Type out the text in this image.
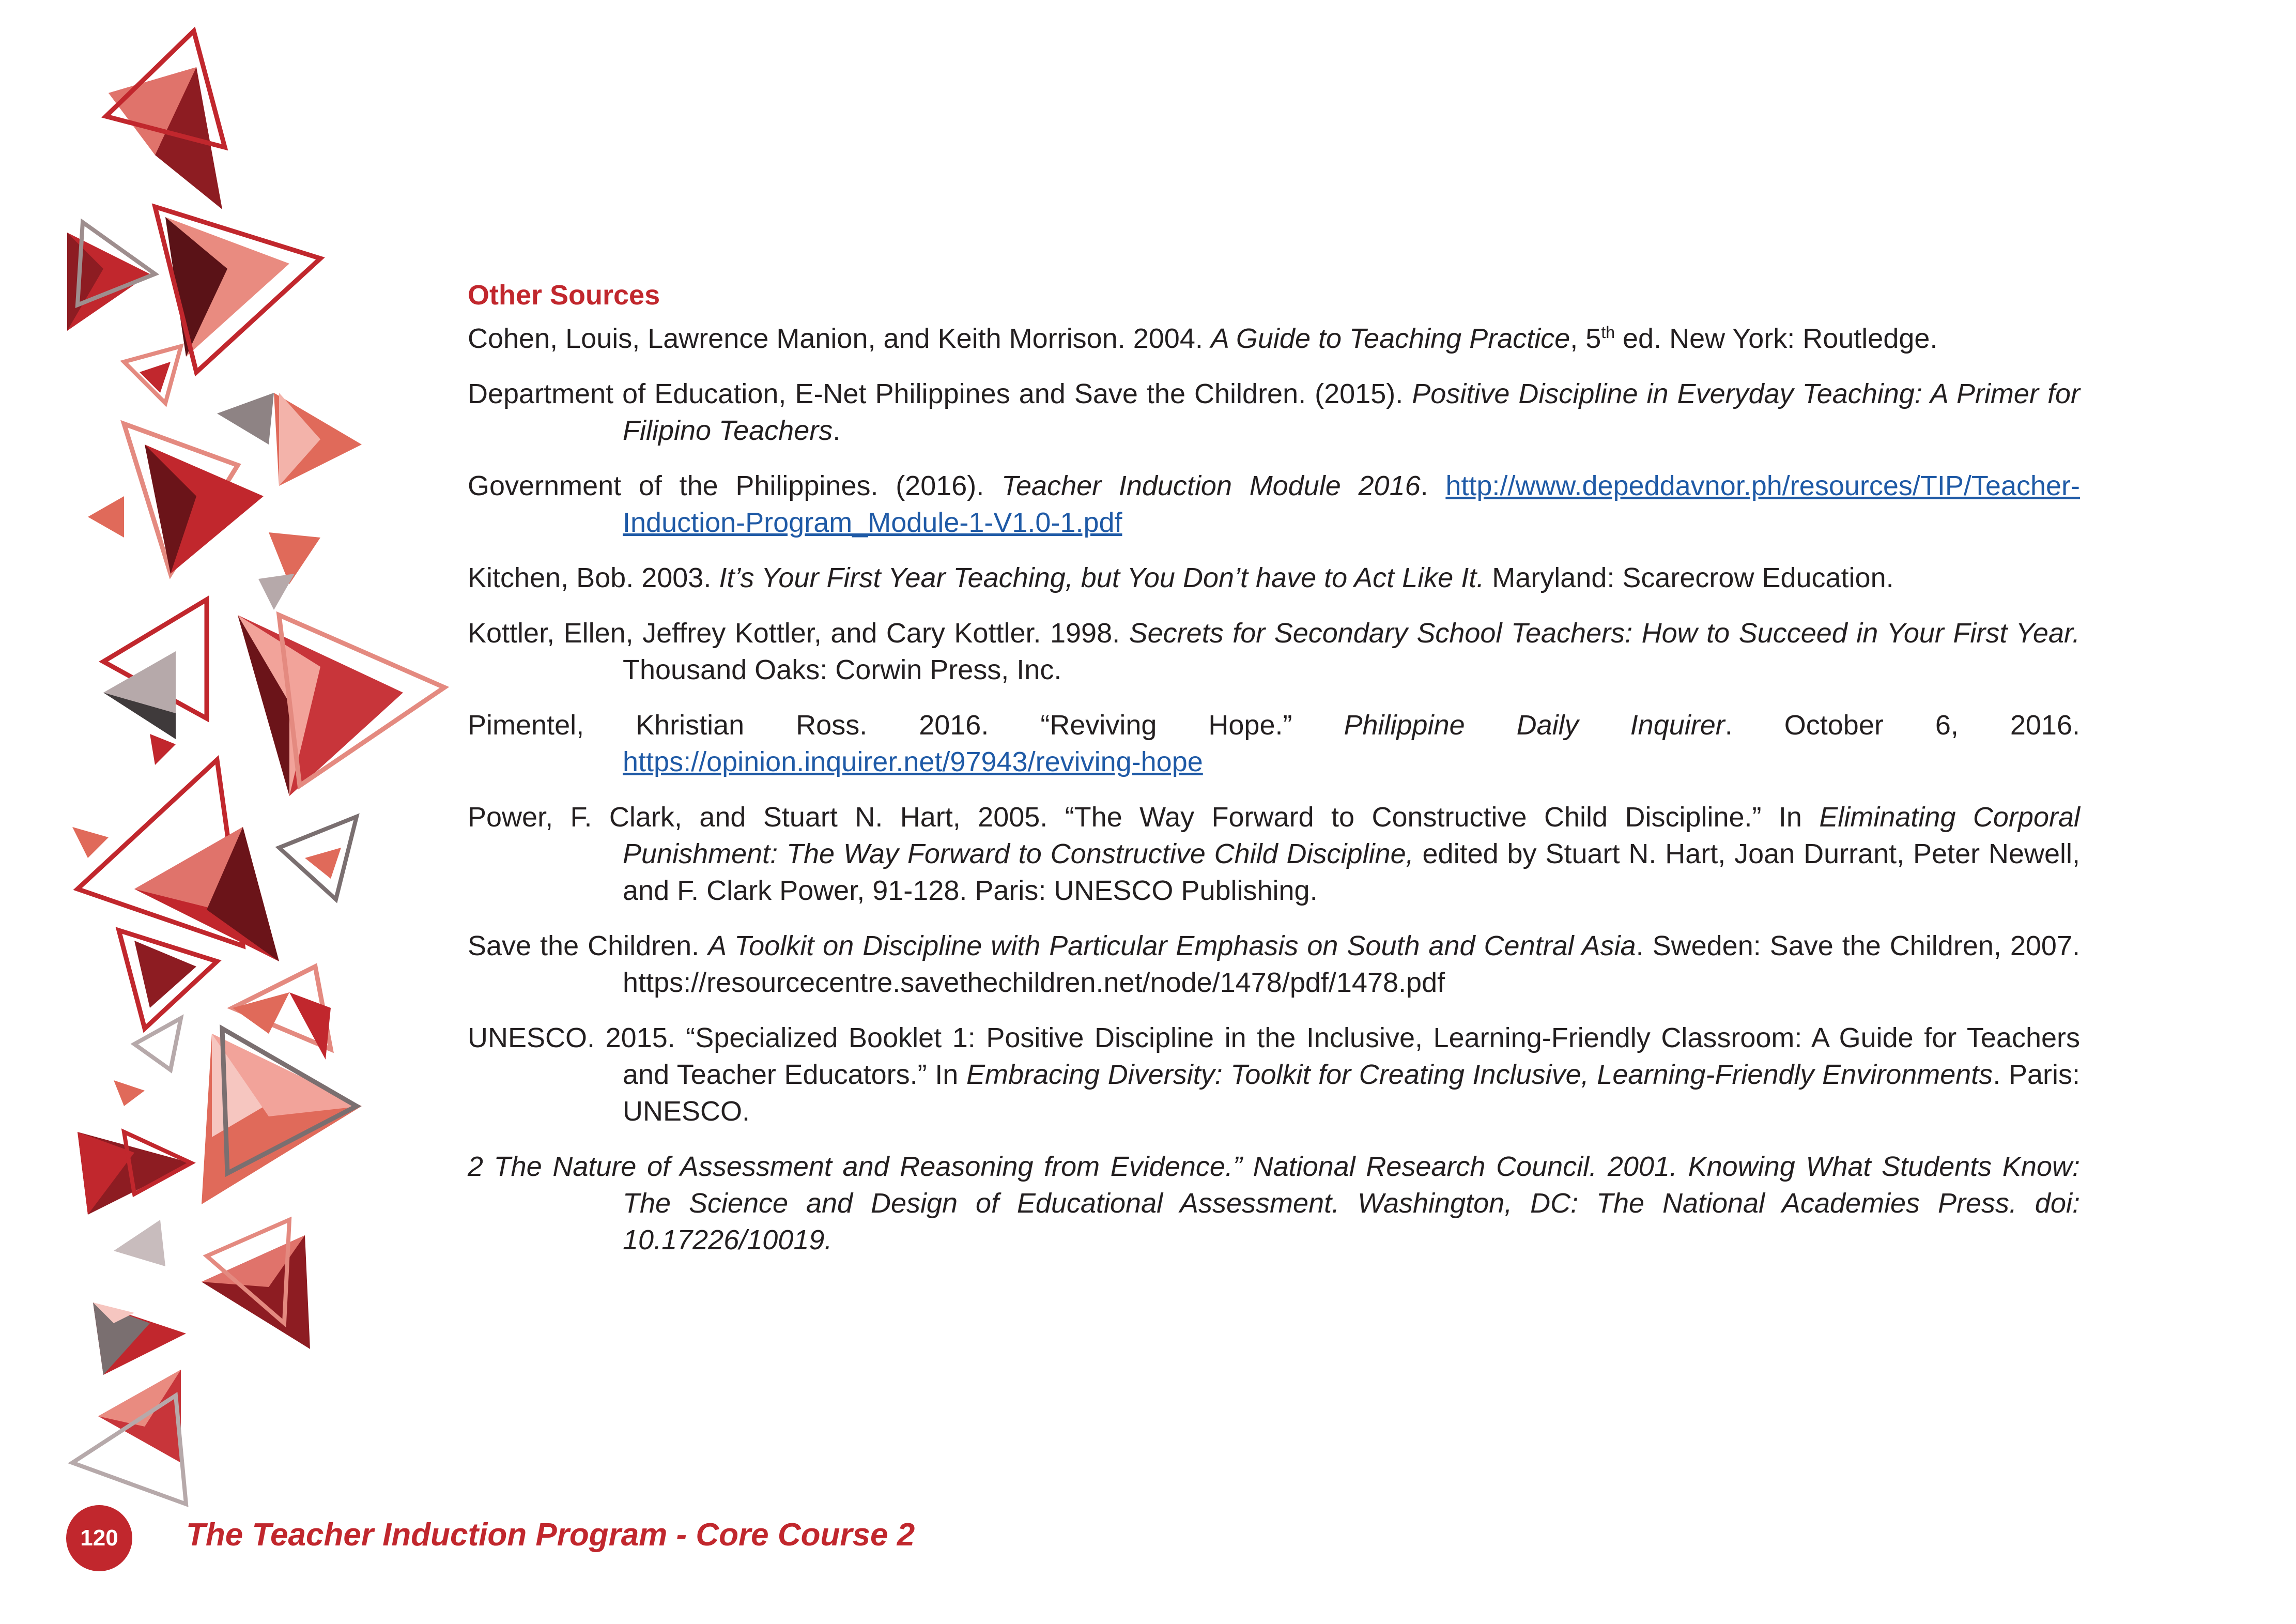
Other Sources

Cohen, Louis, Lawrence Manion, and Keith Morrison. 2004. A Guide to Teaching Practice, 5th ed. New York: Routledge.

Department of Education, E-Net Philippines and Save the Children. (2015). Positive Discipline in Everyday Teaching: A Primer for Filipino Teachers.

Government of the Philippines. (2016). Teacher Induction Module 2016. http://www.depeddavnor.ph/resources/TIP/Teacher-Induction-Program_Module-1-V1.0-1.pdf

Kitchen, Bob. 2003. It’s Your First Year Teaching, but You Don’t have to Act Like It. Maryland: Scarecrow Education.

Kottler, Ellen, Jeffrey Kottler, and Cary Kottler. 1998. Secrets for Secondary School Teachers: How to Succeed in Your First Year. Thousand Oaks: Corwin Press, Inc.

Pimentel, Khristian Ross. 2016. “Reviving Hope.” Philippine Daily Inquirer. October 6, 2016. https://opinion.inquirer.net/97943/reviving-hope

Power, F. Clark, and Stuart N. Hart, 2005. “The Way Forward to Constructive Child Discipline.” In Eliminating Corporal Punishment: The Way Forward to Constructive Child Discipline, edited by Stuart N. Hart, Joan Durrant, Peter Newell, and F. Clark Power, 91-128. Paris: UNESCO Publishing.

Save the Children. A Toolkit on Discipline with Particular Emphasis on South and Central Asia. Sweden: Save the Children, 2007. https://resourcecentre.savethechildren.net/node/1478/pdf/1478.pdf

UNESCO. 2015. “Specialized Booklet 1: Positive Discipline in the Inclusive, Learning-Friendly Classroom: A Guide for Teachers and Teacher Educators.” In Embracing Diversity: Toolkit for Creating Inclusive, Learning-Friendly Environments. Paris: UNESCO.

2 The Nature of Assessment and Reasoning from Evidence.” National Research Council. 2001. Knowing What Students Know: The Science and Design of Educational Assessment. Washington, DC: The National Academies Press. doi: 10.17226/10019.

120	The Teacher Induction Program - Core Course 2
